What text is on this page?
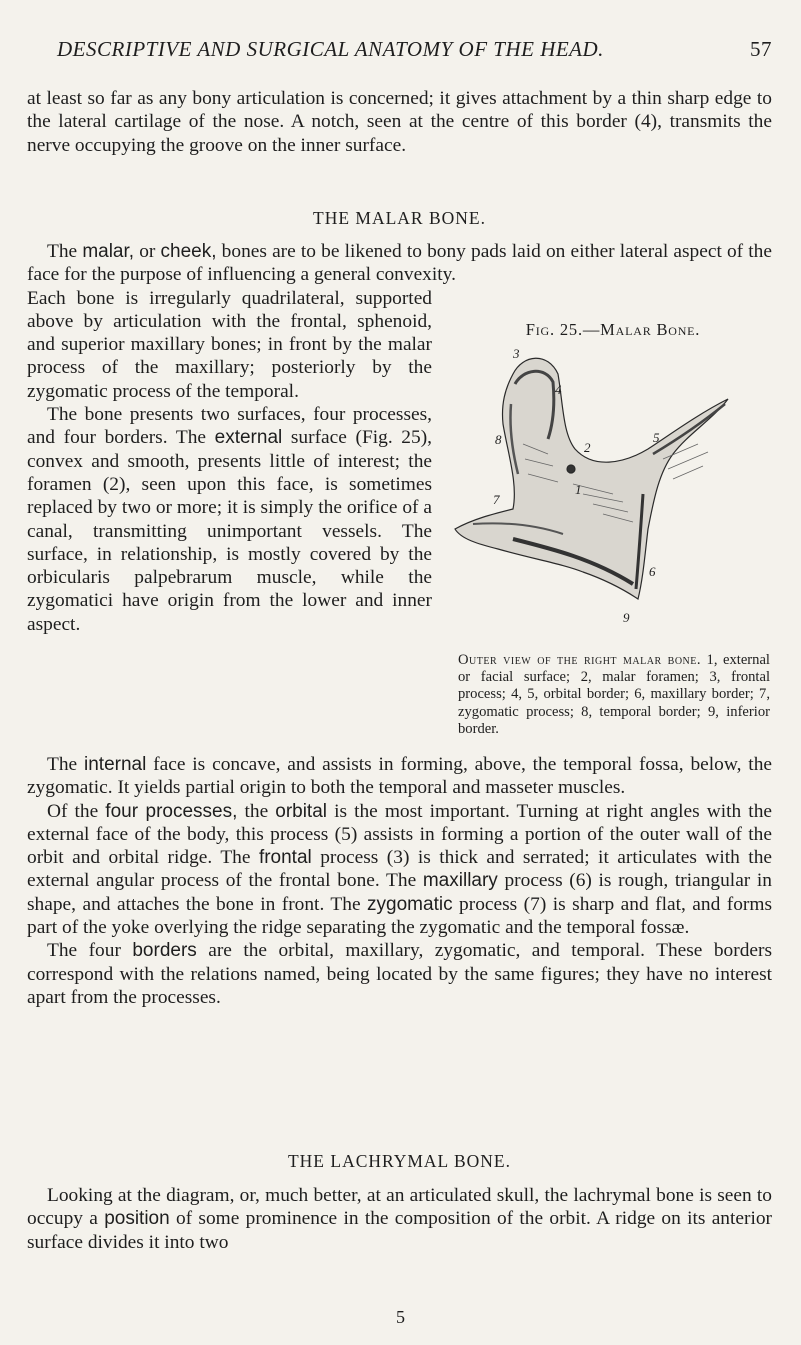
DESCRIPTIVE AND SURGICAL ANATOMY OF THE HEAD.	57

at least so far as any bony articulation is concerned; it gives attachment by a thin sharp edge to the lateral cartilage of the nose. A notch, seen at the centre of this border (4), transmits the nerve occupying the groove on the inner surface.

THE MALAR BONE.

The malar, or cheek, bones are to be likened to bony pads laid on either lateral aspect of the face for the purpose of influencing a general convexity.

Each bone is irregularly quadrilateral, supported above by articulation with the frontal, sphenoid, and superior maxillary bones; in front by the malar process of the maxillary; posteriorly by the zygomatic process of the temporal.

The bone presents two surfaces, four processes, and four borders. The external surface (Fig. 25), convex and smooth, presents little of interest; the foramen (2), seen upon this face, is sometimes replaced by two or more; it is simply the orifice of a canal, transmitting unimportant vessels. The surface, in relationship, is mostly covered by the orbicularis palpebrarum muscle, while the zygomatici have origin from the lower and inner aspect.

The internal face is concave, and assists in forming, above, the temporal fossa, below, the zygomatic. It yields partial origin to both the temporal and masseter muscles.

Of the four processes, the orbital is the most important. Turning at right angles with the external face of the body, this process (5) assists in forming a portion of the outer wall of the orbit and orbital ridge. The frontal process (3) is thick and serrated; it articulates with the external angular process of the frontal bone. The maxillary process (6) is rough, triangular in shape, and attaches the bone in front. The zygomatic process (7) is sharp and flat, and forms part of the yoke overlying the ridge separating the zygomatic and the temporal fossæ.

The four borders are the orbital, maxillary, zygomatic, and temporal. These borders correspond with the relations named, being located by the same figures; they have no interest apart from the processes.

THE LACHRYMAL BONE.

Looking at the diagram, or, much better, at an articulated skull, the lachrymal bone is seen to occupy a position of some prominence in the composition of the orbit. A ridge on its anterior surface divides it into two

Fig. 25.—Malar Bone.
3
4
8
2
5
7
1
6
9

Outer view of the right malar bone. 1, external or facial surface; 2, malar foramen; 3, frontal process; 4, 5, orbital border; 6, maxillary border; 7, zygomatic process; 8, temporal border; 9, inferior border.

5
